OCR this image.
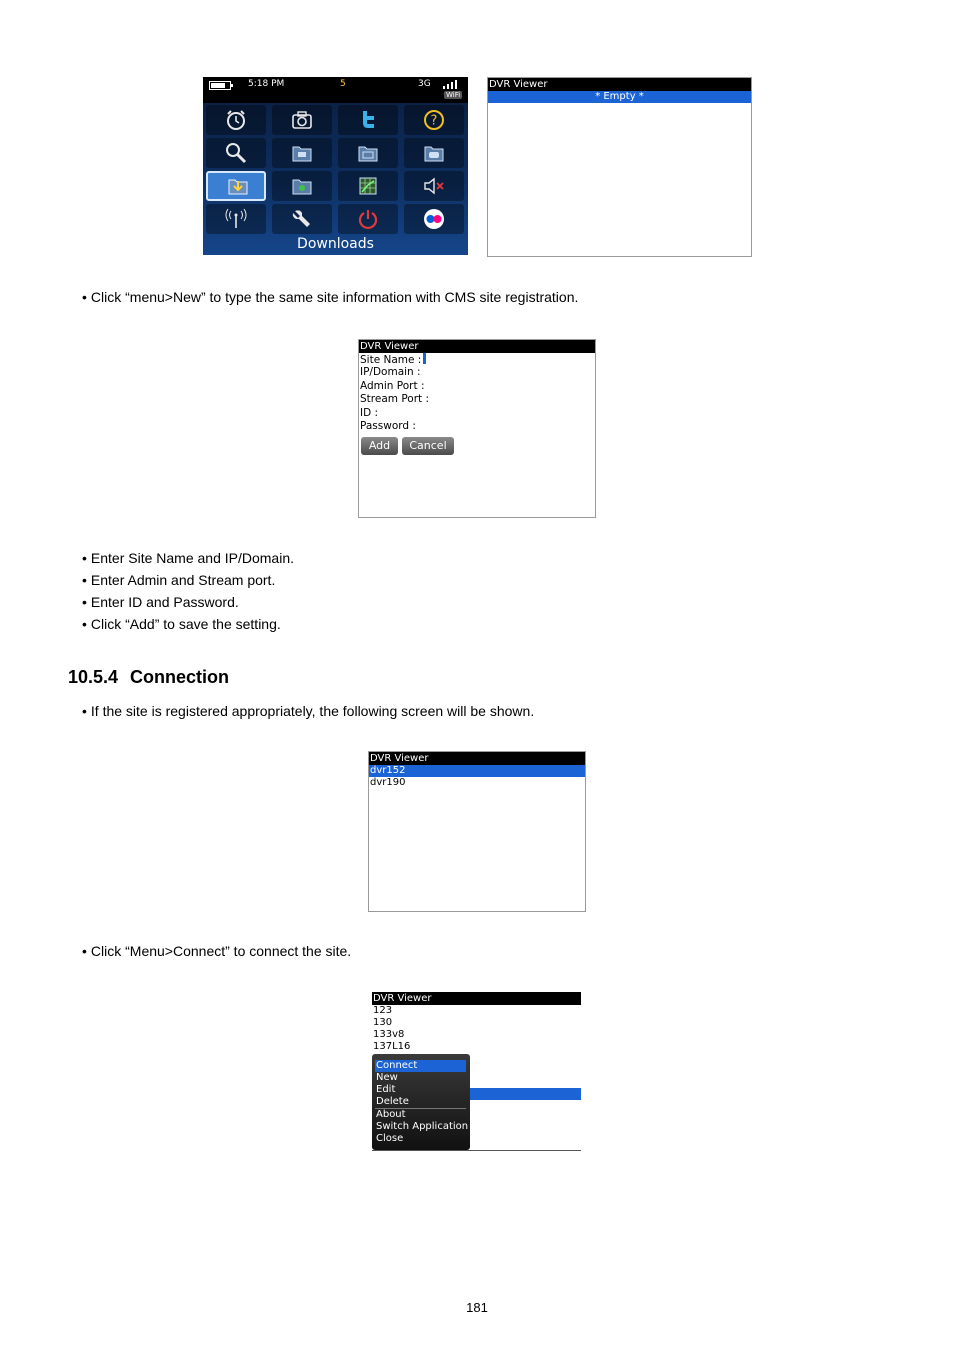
5:18 PM	5	3G
WiFi
?
Downloads
DVR Viewer
* Empty *
• Click “menu>New” to type the same site information with CMS site registration.
DVR Viewer
Site Name :
IP/Domain :
Admin Port :
Stream Port :
ID :
Password :
Add	Cancel
• Enter Site Name and IP/Domain.
• Enter Admin and Stream port.
• Enter ID and Password.
• Click “Add” to save the setting.
10.5.4 Connection
• If the site is registered appropriately, the following screen will be shown.
DVR Viewer
dvr152
dvr190
• Click “Menu>Connect” to connect the site.
DVR Viewer
123
130
133v8
137L16
Connect
New
Edit
Delete
About
Switch Application
Close
181
